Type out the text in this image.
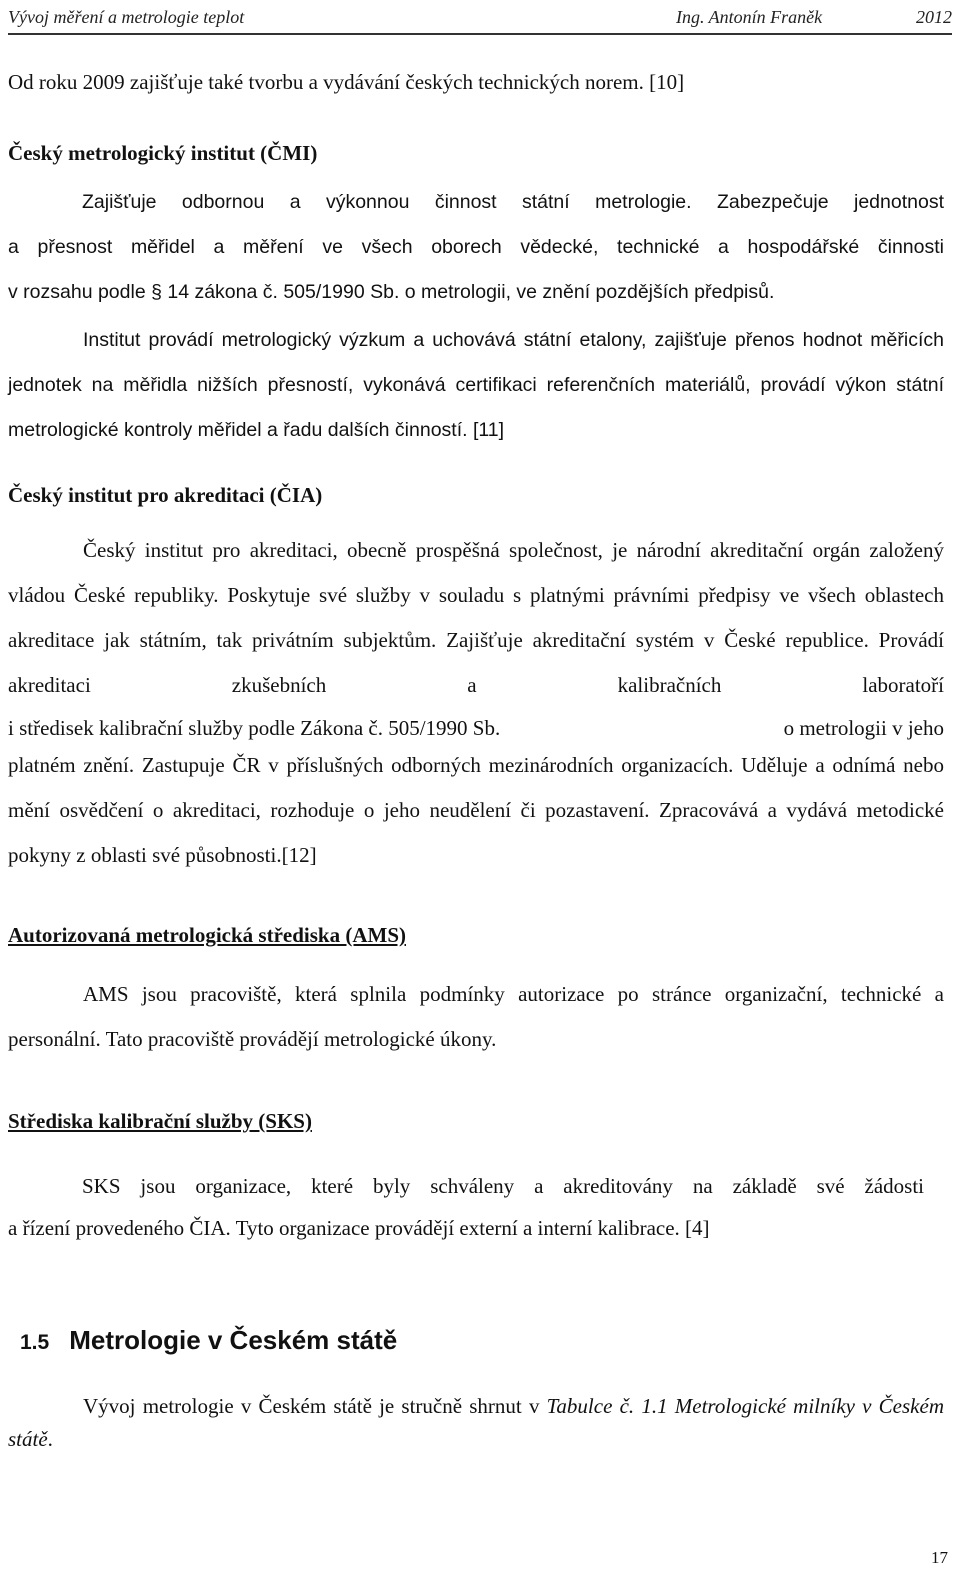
Vývoj měření a metrologie teplot	Ing. Antonín Franěk	2012

Od roku 2009 zajišťuje také tvorbu a vydávání českých technických norem. [10]

Český metrologický institut (ČMI)

Zajišťuje odbornou a výkonnou činnost státní metrologie. Zabezpečuje jednotnost

a přesnost měřidel a měření ve všech oborech vědecké, technické a hospodářské činnosti

v rozsahu podle § 14 zákona č. 505/1990 Sb. o metrologii, ve znění pozdějších předpisů.

Institut provádí metrologický výzkum a uchovává státní etalony, zajišťuje přenos hodnot měřicích jednotek na měřidla nižších přesností, vykonává certifikaci referenčních materiálů, provádí výkon státní metrologické kontroly měřidel a řadu dalších činností. [11]

Český institut pro akreditaci (ČIA)

Český institut pro akreditaci, obecně prospěšná společnost, je národní akreditační orgán založený vládou České republiky. Poskytuje své služby v souladu s platnými právními předpisy ve všech oblastech akreditace jak státním, tak privátním subjektům. Zajišťuje akreditační systém v České republice. Provádí akreditaci zkušebních a kalibračních laboratoří

i středisek kalibrační služby podle Zákona č. 505/1990 Sb.	o metrologii v jeho

platném znění. Zastupuje ČR v příslušných odborných mezinárodních organizacích. Uděluje a odnímá nebo mění osvědčení o akreditaci, rozhoduje o jeho neudělení či pozastavení. Zpracovává a vydává metodické pokyny z oblasti své působnosti.[12]

Autorizovaná metrologická střediska (AMS)

AMS jsou pracoviště, která splnila podmínky autorizace po stránce organizační, technické a personální. Tato pracoviště provádějí metrologické úkony.

Střediska kalibrační služby (SKS)

SKS jsou organizace, které byly schváleny a akreditovány na základě své žádosti

a řízení provedeného ČIA. Tyto organizace provádějí externí a interní kalibrace. [4]

1.5 Metrologie v Českém státě

Vývoj metrologie v Českém státě je stručně shrnut v Tabulce č. 1.1 Metrologické milníky v Českém státě.

17
